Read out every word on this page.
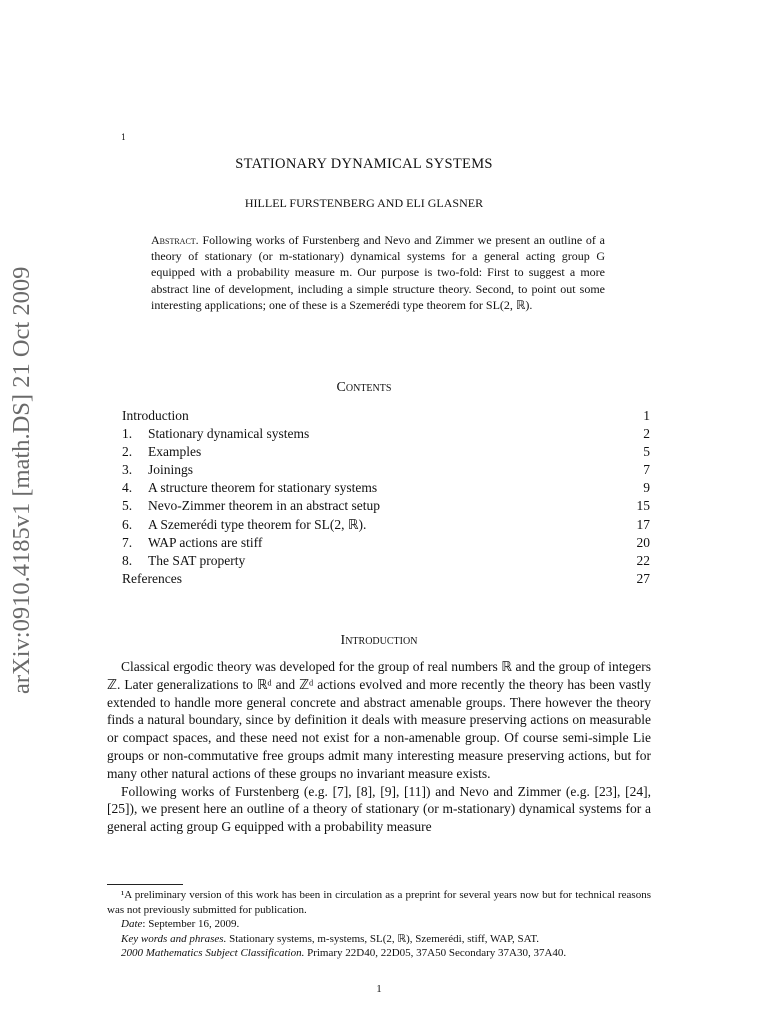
arXiv:0910.4185v1 [math.DS] 21 Oct 2009
1
STATIONARY DYNAMICAL SYSTEMS
HILLEL FURSTENBERG AND ELI GLASNER
Abstract. Following works of Furstenberg and Nevo and Zimmer we present an outline of a theory of stationary (or m-stationary) dynamical systems for a general acting group G equipped with a probability measure m. Our purpose is two-fold: First to suggest a more abstract line of development, including a simple structure theory. Second, to point out some interesting applications; one of these is a Szemerédi type theorem for SL(2, ℝ).
Contents
Introduction	1
1. Stationary dynamical systems	2
2. Examples	5
3. Joinings	7
4. A structure theorem for stationary systems	9
5. Nevo-Zimmer theorem in an abstract setup	15
6. A Szemerédi type theorem for SL(2, ℝ).	17
7. WAP actions are stiff	20
8. The SAT property	22
References	27
Introduction

Classical ergodic theory was developed for the group of real numbers ℝ and the group of integers ℤ. Later generalizations to ℝᵈ and ℤᵈ actions evolved and more recently the theory has been vastly extended to handle more general concrete and abstract amenable groups. There however the theory finds a natural boundary, since by definition it deals with measure preserving actions on measurable or compact spaces, and these need not exist for a non-amenable group. Of course semi-simple Lie groups or non-commutative free groups admit many interesting measure preserving actions, but for many other natural actions of these groups no invariant measure exists.

Following works of Furstenberg (e.g. [7], [8], [9], [11]) and Nevo and Zimmer (e.g. [23], [24], [25]), we present here an outline of a theory of stationary (or m-stationary) dynamical systems for a general acting group G equipped with a probability measure

¹A preliminary version of this work has been in circulation as a preprint for several years now but for technical reasons was not previously submitted for publication.
Date: September 16, 2009.
Key words and phrases. Stationary systems, m-systems, SL(2, ℝ), Szemerédi, stiff, WAP, SAT.
2000 Mathematics Subject Classification. Primary 22D40, 22D05, 37A50 Secondary 37A30, 37A40.
1
